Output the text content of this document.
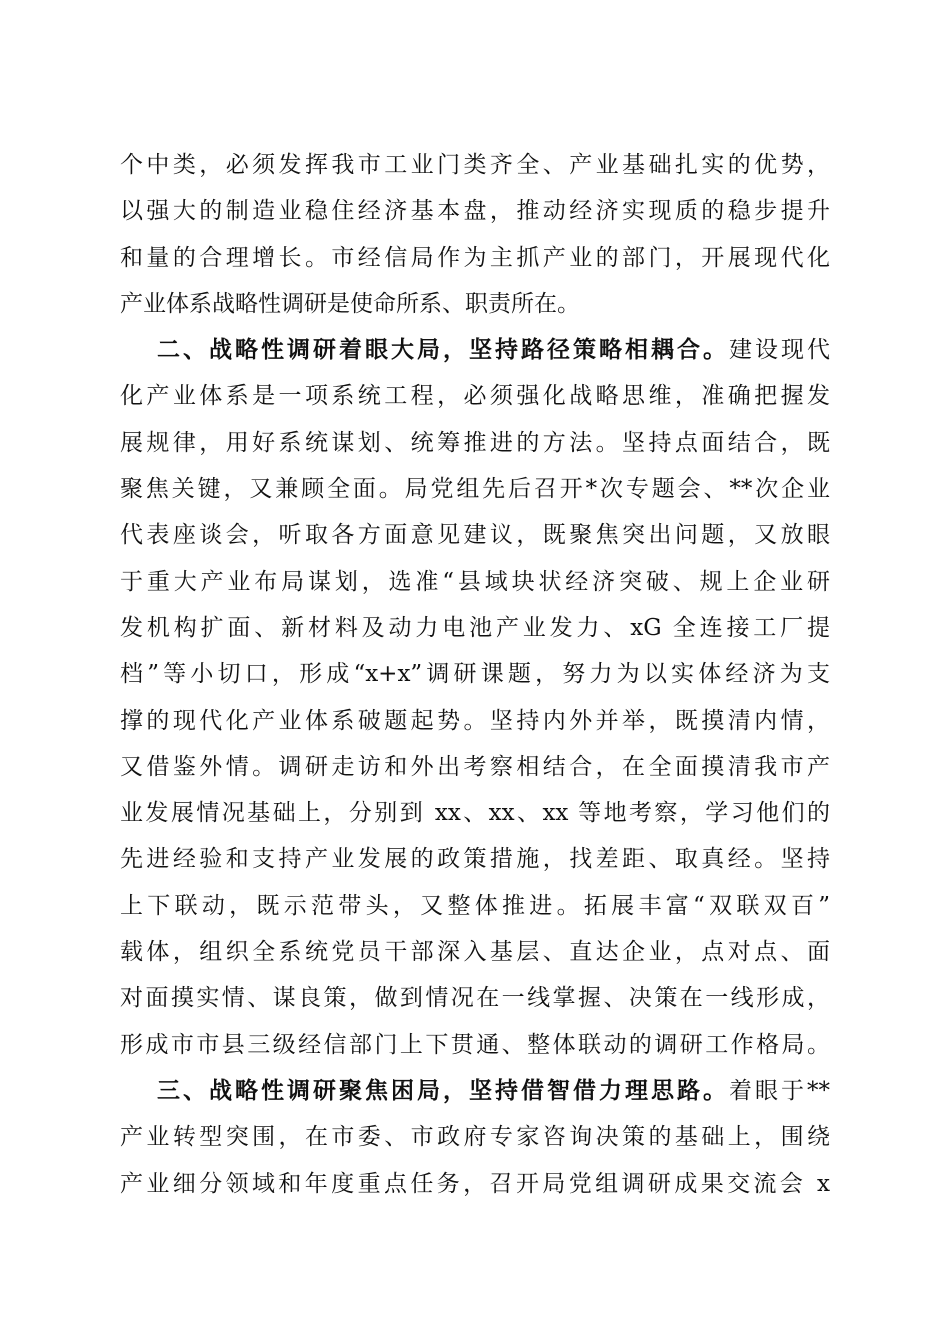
个中类，必须发挥我市工业门类齐全、产业基础扎实的优势，
以强大的制造业稳住经济基本盘，推动经济实现质的稳步提升
和量的合理增长。市经信局作为主抓产业的部门，开展现代化
产业体系战略性调研是使命所系、职责所在。
二、战略性调研着眼大局，坚持路径策略相耦合。建设现代
化产业体系是一项系统工程，必须强化战略思维，准确把握发
展规律，用好系统谋划、统筹推进的方法。坚持点面结合，既
聚焦关键，又兼顾全面。局党组先后召开*次专题会、**次企业
代表座谈会，听取各方面意见建议，既聚焦突出问题，又放眼
于重大产业布局谋划，选准“县域块状经济突破、规上企业研
发机构扩面、新材料及动力电池产业发力、xG 全连接工厂提
档”等小切口，形成“x+x”调研课题，努力为以实体经济为支
撑的现代化产业体系破题起势。坚持内外并举，既摸清内情，
又借鉴外情。调研走访和外出考察相结合，在全面摸清我市产
业发展情况基础上，分别到 xx、xx、xx 等地考察，学习他们的
先进经验和支持产业发展的政策措施，找差距、取真经。坚持
上下联动，既示范带头，又整体推进。拓展丰富“双联双百”
载体，组织全系统党员干部深入基层、直达企业，点对点、面
对面摸实情、谋良策，做到情况在一线掌握、决策在一线形成，
形成市市县三级经信部门上下贯通、整体联动的调研工作格局。
三、战略性调研聚焦困局，坚持借智借力理思路。着眼于**
产业转型突围，在市委、市政府专家咨询决策的基础上，围绕
产业细分领域和年度重点任务，召开局党组调研成果交流会 x
